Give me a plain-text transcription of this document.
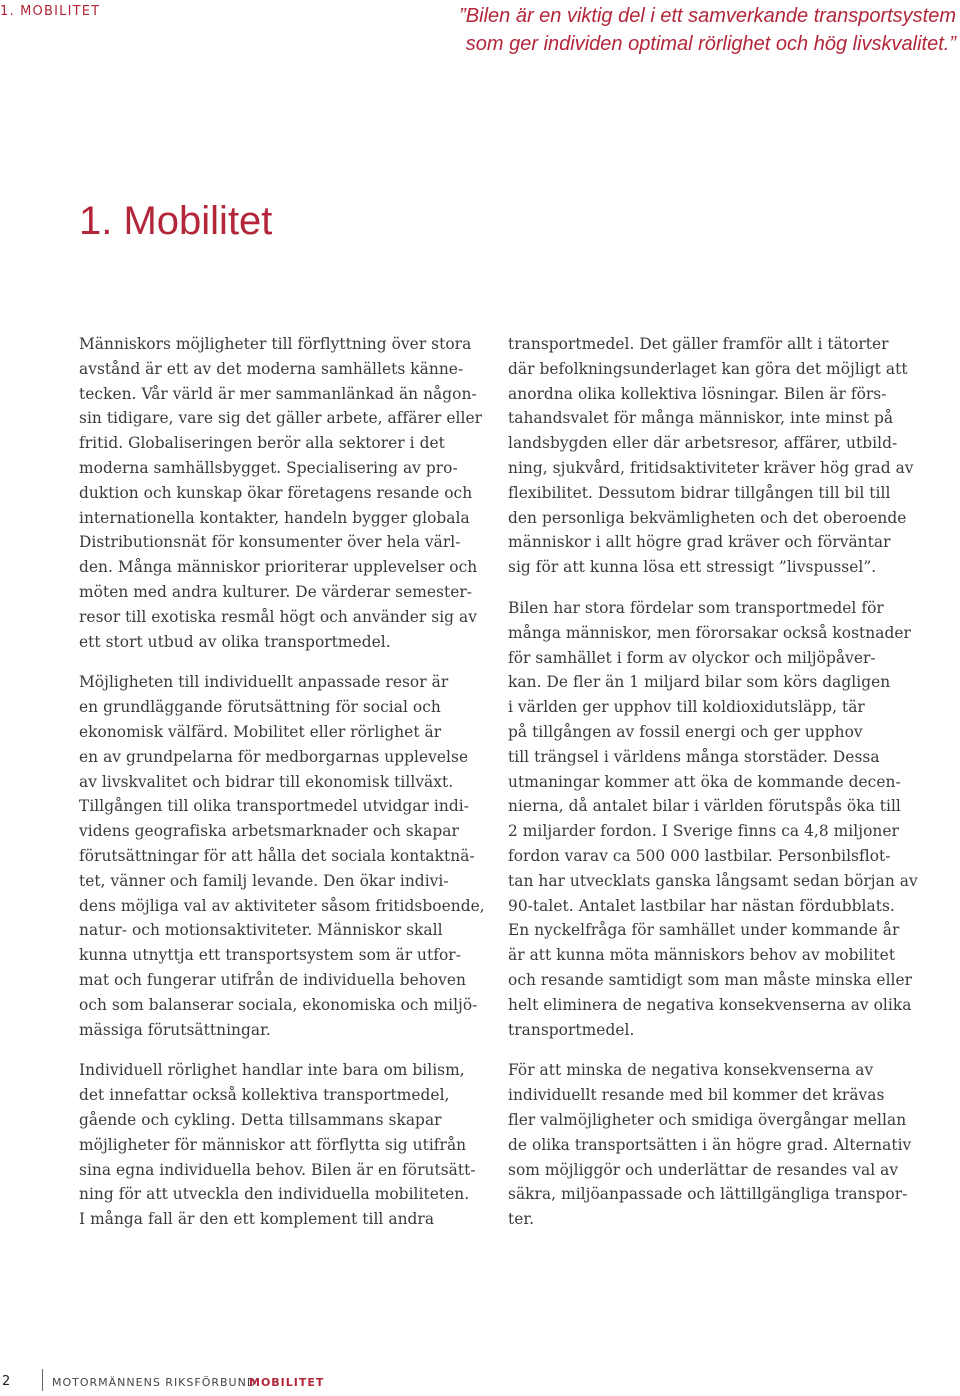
1. MOBILITET	”Bilen är en viktig del i ett samverkande transportsystem
som ger individen optimal rörlighet och hög livskvalitet.”
1. Mobilitet

Människors möjligheter till förflyttning över stora
avstånd är ett av det moderna samhällets känne-
tecken. Vår värld är mer sammanlänkad än någon-
sin tidigare, vare sig det gäller arbete, affärer eller
fritid. Globaliseringen berör alla sektorer i det
moderna samhällsbygget. Specialisering av pro-
duktion och kunskap ökar företagens resande och
internationella kontakter, handeln bygger globala
Distributionsnät för konsumenter över hela värl-
den. Många människor prioriterar upplevelser och
möten med andra kulturer. De värderar semester-
resor till exotiska resmål högt och använder sig av
ett stort utbud av olika transportmedel.

Möjligheten till individuellt anpassade resor är
en grundläggande förutsättning för social och
ekonomisk välfärd. Mobilitet eller rörlighet är
en av grundpelarna för medborgarnas upplevelse
av livskvalitet och bidrar till ekonomisk tillväxt.
Tillgången till olika transportmedel utvidgar indi-
videns geografiska arbetsmarknader och skapar
förutsättningar för att hålla det sociala kontaktnä-
tet, vänner och familj levande. Den ökar indivi-
dens möjliga val av aktiviteter såsom fritidsboende,
natur- och motionsaktiviteter. Människor skall
kunna utnyttja ett transportsystem som är utfor-
mat och fungerar utifrån de individuella behoven
och som balanserar sociala, ekonomiska och miljö-
mässiga förutsättningar.

Individuell rörlighet handlar inte bara om bilism,
det innefattar också kollektiva transportmedel,
gående och cykling. Detta tillsammans skapar
möjligheter för människor att förflytta sig utifrån
sina egna individuella behov. Bilen är en förutsätt-
ning för att utveckla den individuella mobiliteten.
I många fall är den ett komplement till andra

transportmedel. Det gäller framför allt i tätorter
där befolkningsunderlaget kan göra det möjligt att
anordna olika kollektiva lösningar. Bilen är förs-
tahandsvalet för många människor, inte minst på
landsbygden eller där arbetsresor, affärer, utbild-
ning, sjukvård, fritidsaktiviteter kräver hög grad av
flexibilitet. Dessutom bidrar tillgången till bil till
den personliga bekvämligheten och det oberoende
människor i allt högre grad kräver och förväntar
sig för att kunna lösa ett stressigt ”livspussel”.

Bilen har stora fördelar som transportmedel för
många människor, men förorsakar också kostnader
för samhället i form av olyckor och miljöpåver-
kan. De fler än 1 miljard bilar som körs dagligen
i världen ger upphov till koldioxidutsläpp, tär
på tillgången av fossil energi och ger upphov
till trängsel i världens många storstäder. Dessa
utmaningar kommer att öka de kommande decen-
nierna, då antalet bilar i världen förutspås öka till
2 miljarder fordon. I Sverige finns ca 4,8 miljoner
fordon varav ca 500 000 lastbilar. Personbilsflot-
tan har utvecklats ganska långsamt sedan början av
90-talet. Antalet lastbilar har nästan fördubblats.
En nyckelfråga för samhället under kommande år
är att kunna möta människors behov av mobilitet
och resande samtidigt som man måste minska eller
helt eliminera de negativa konsekvenserna av olika
transportmedel.

För att minska de negativa konsekvenserna av
individuellt resande med bil kommer det krävas
fler valmöjligheter och smidiga övergångar mellan
de olika transportsätten i än högre grad. Alternativ
som möjliggör och underlättar de resandes val av
säkra, miljöanpassade och lättillgängliga transpor-
ter.

2	MOTORMÄNNENS RIKSFÖRBUND
MOBILITET
